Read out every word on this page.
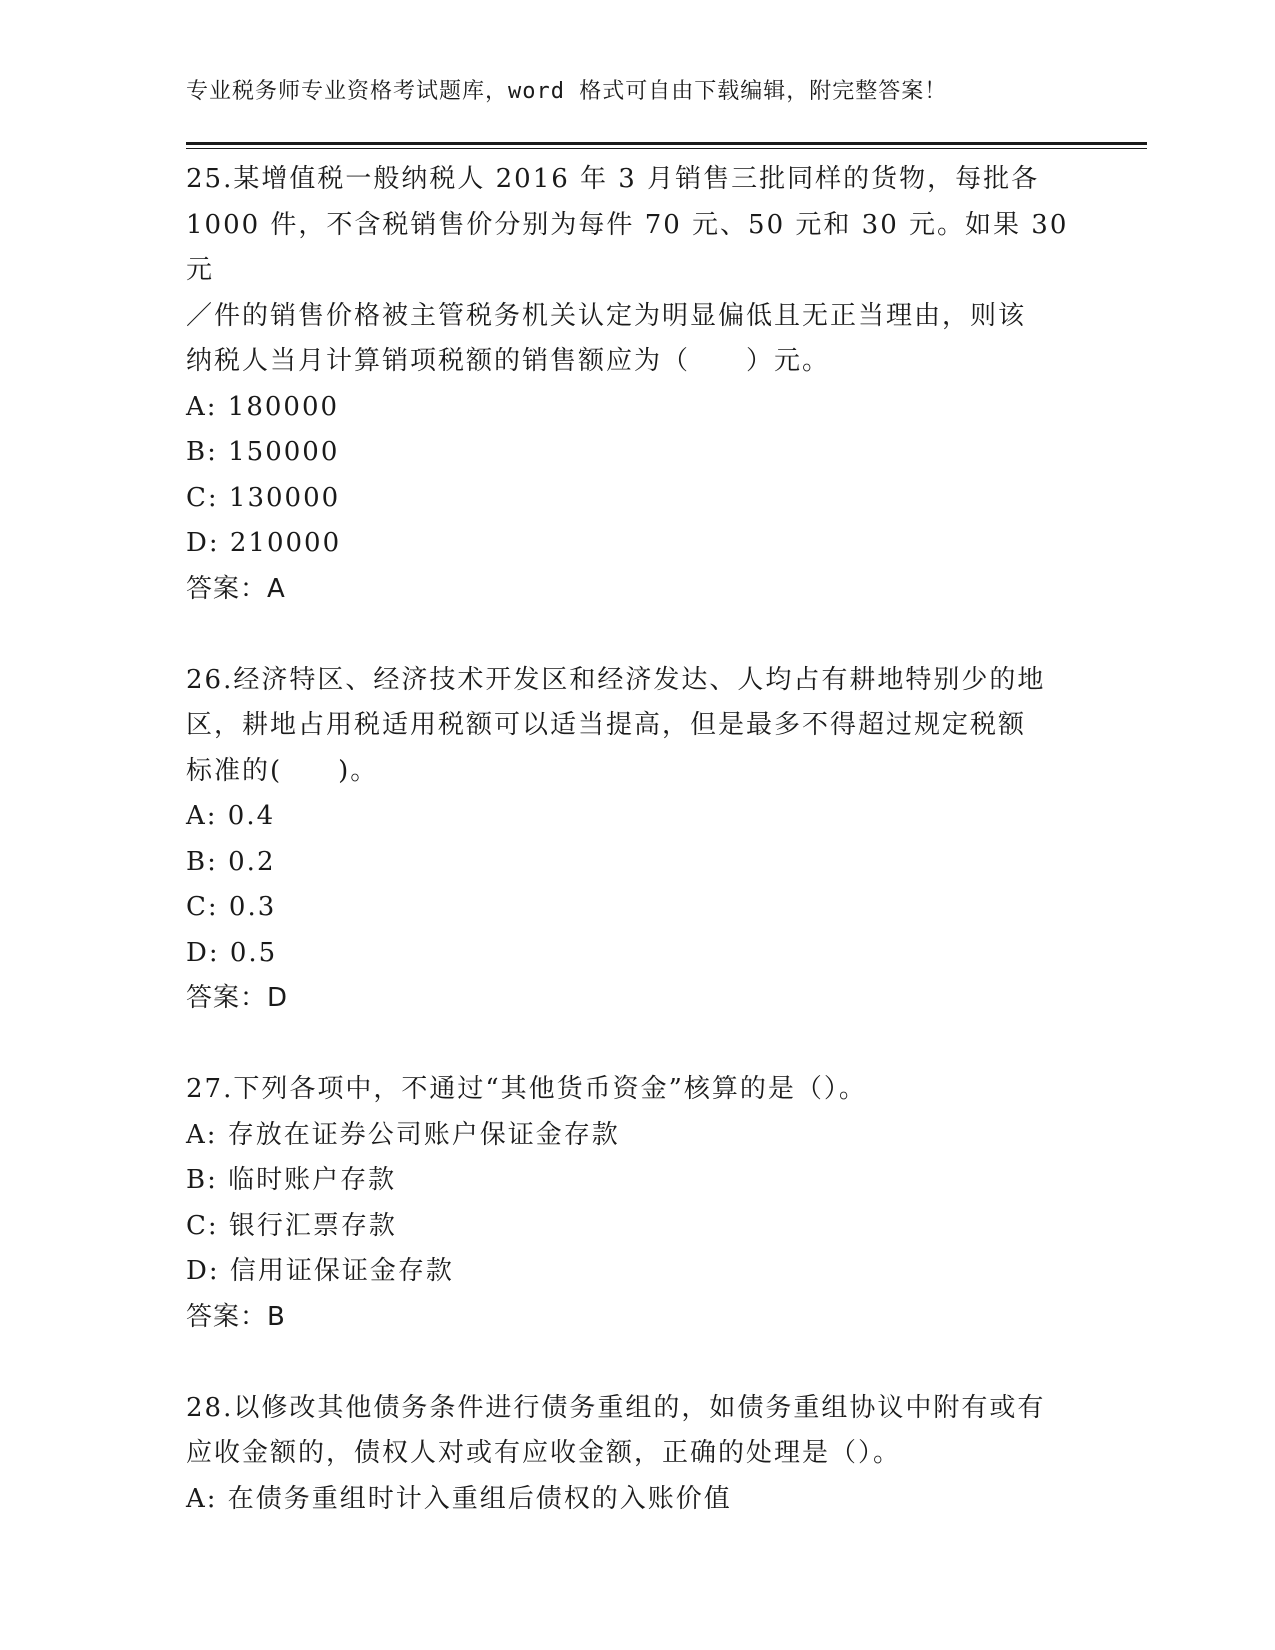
专业税务师专业资格考试题库，word 格式可自由下载编辑，附完整答案！
25.某增值税一般纳税人 2016 年 3 月销售三批同样的货物，每批各
1000 件，不含税销售价分别为每件 70 元、50 元和 30 元。如果 30 元
／件的销售价格被主管税务机关认定为明显偏低且无正当理由，则该
纳税人当月计算销项税额的销售额应为（　　）元。
A: 180000
B: 150000
C: 130000
D: 210000
答案：A
26.经济特区、经济技术开发区和经济发达、人均占有耕地特别少的地
区，耕地占用税适用税额可以适当提高，但是最多不得超过规定税额
标准的(　　)。
A: 0.4
B: 0.2
C: 0.3
D: 0.5
答案：D
27.下列各项中，不通过“其他货币资金”核算的是（）。
A: 存放在证券公司账户保证金存款
B: 临时账户存款
C: 银行汇票存款
D: 信用证保证金存款
答案：B
28.以修改其他债务条件进行债务重组的，如债务重组协议中附有或有
应收金额的，债权人对或有应收金额，正确的处理是（）。
A: 在债务重组时计入重组后债权的入账价值
